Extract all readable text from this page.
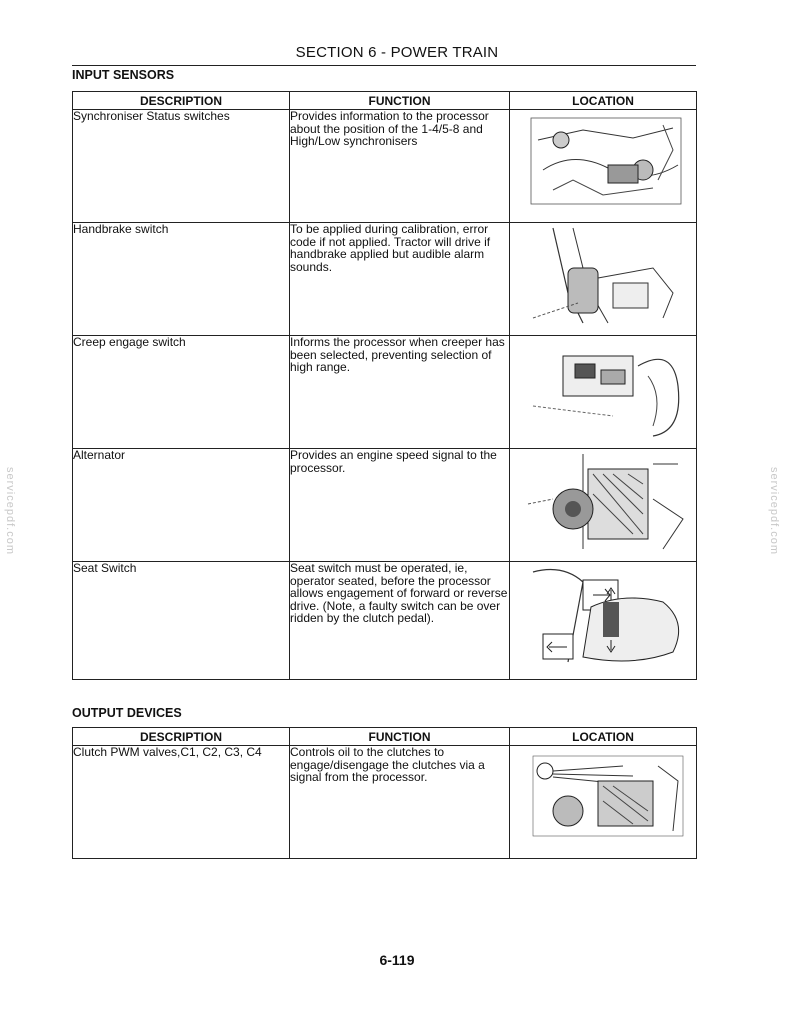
SECTION 6 - POWER TRAIN
INPUT SENSORS
DESCRIPTION	FUNCTION	LOCATION
Synchroniser Status switches	Provides information to the processor about the position of the 1-4/5-8 and High/Low synchronisers	

Handbrake switch	To be applied during calibration, error code if not applied. Tractor will drive if handbrake applied but audible alarm sounds.	

Creep engage switch	Informs the processor when creeper has been selected, preventing selection of high range.	

Alternator	Provides an engine speed signal to the processor.	

Seat Switch	Seat switch must be operated, ie, operator seated, before the processor allows engagement of forward or reverse drive. (Note, a faulty switch can be over ridden by the clutch pedal).	
OUTPUT DEVICES
DESCRIPTION	FUNCTION	LOCATION
Clutch PWM valves,C1, C2, C3, C4	Controls oil to the clutches to engage/disengage the clutches via a signal from the processor.	
6-119
servicepdf.com	servicepdf.com
